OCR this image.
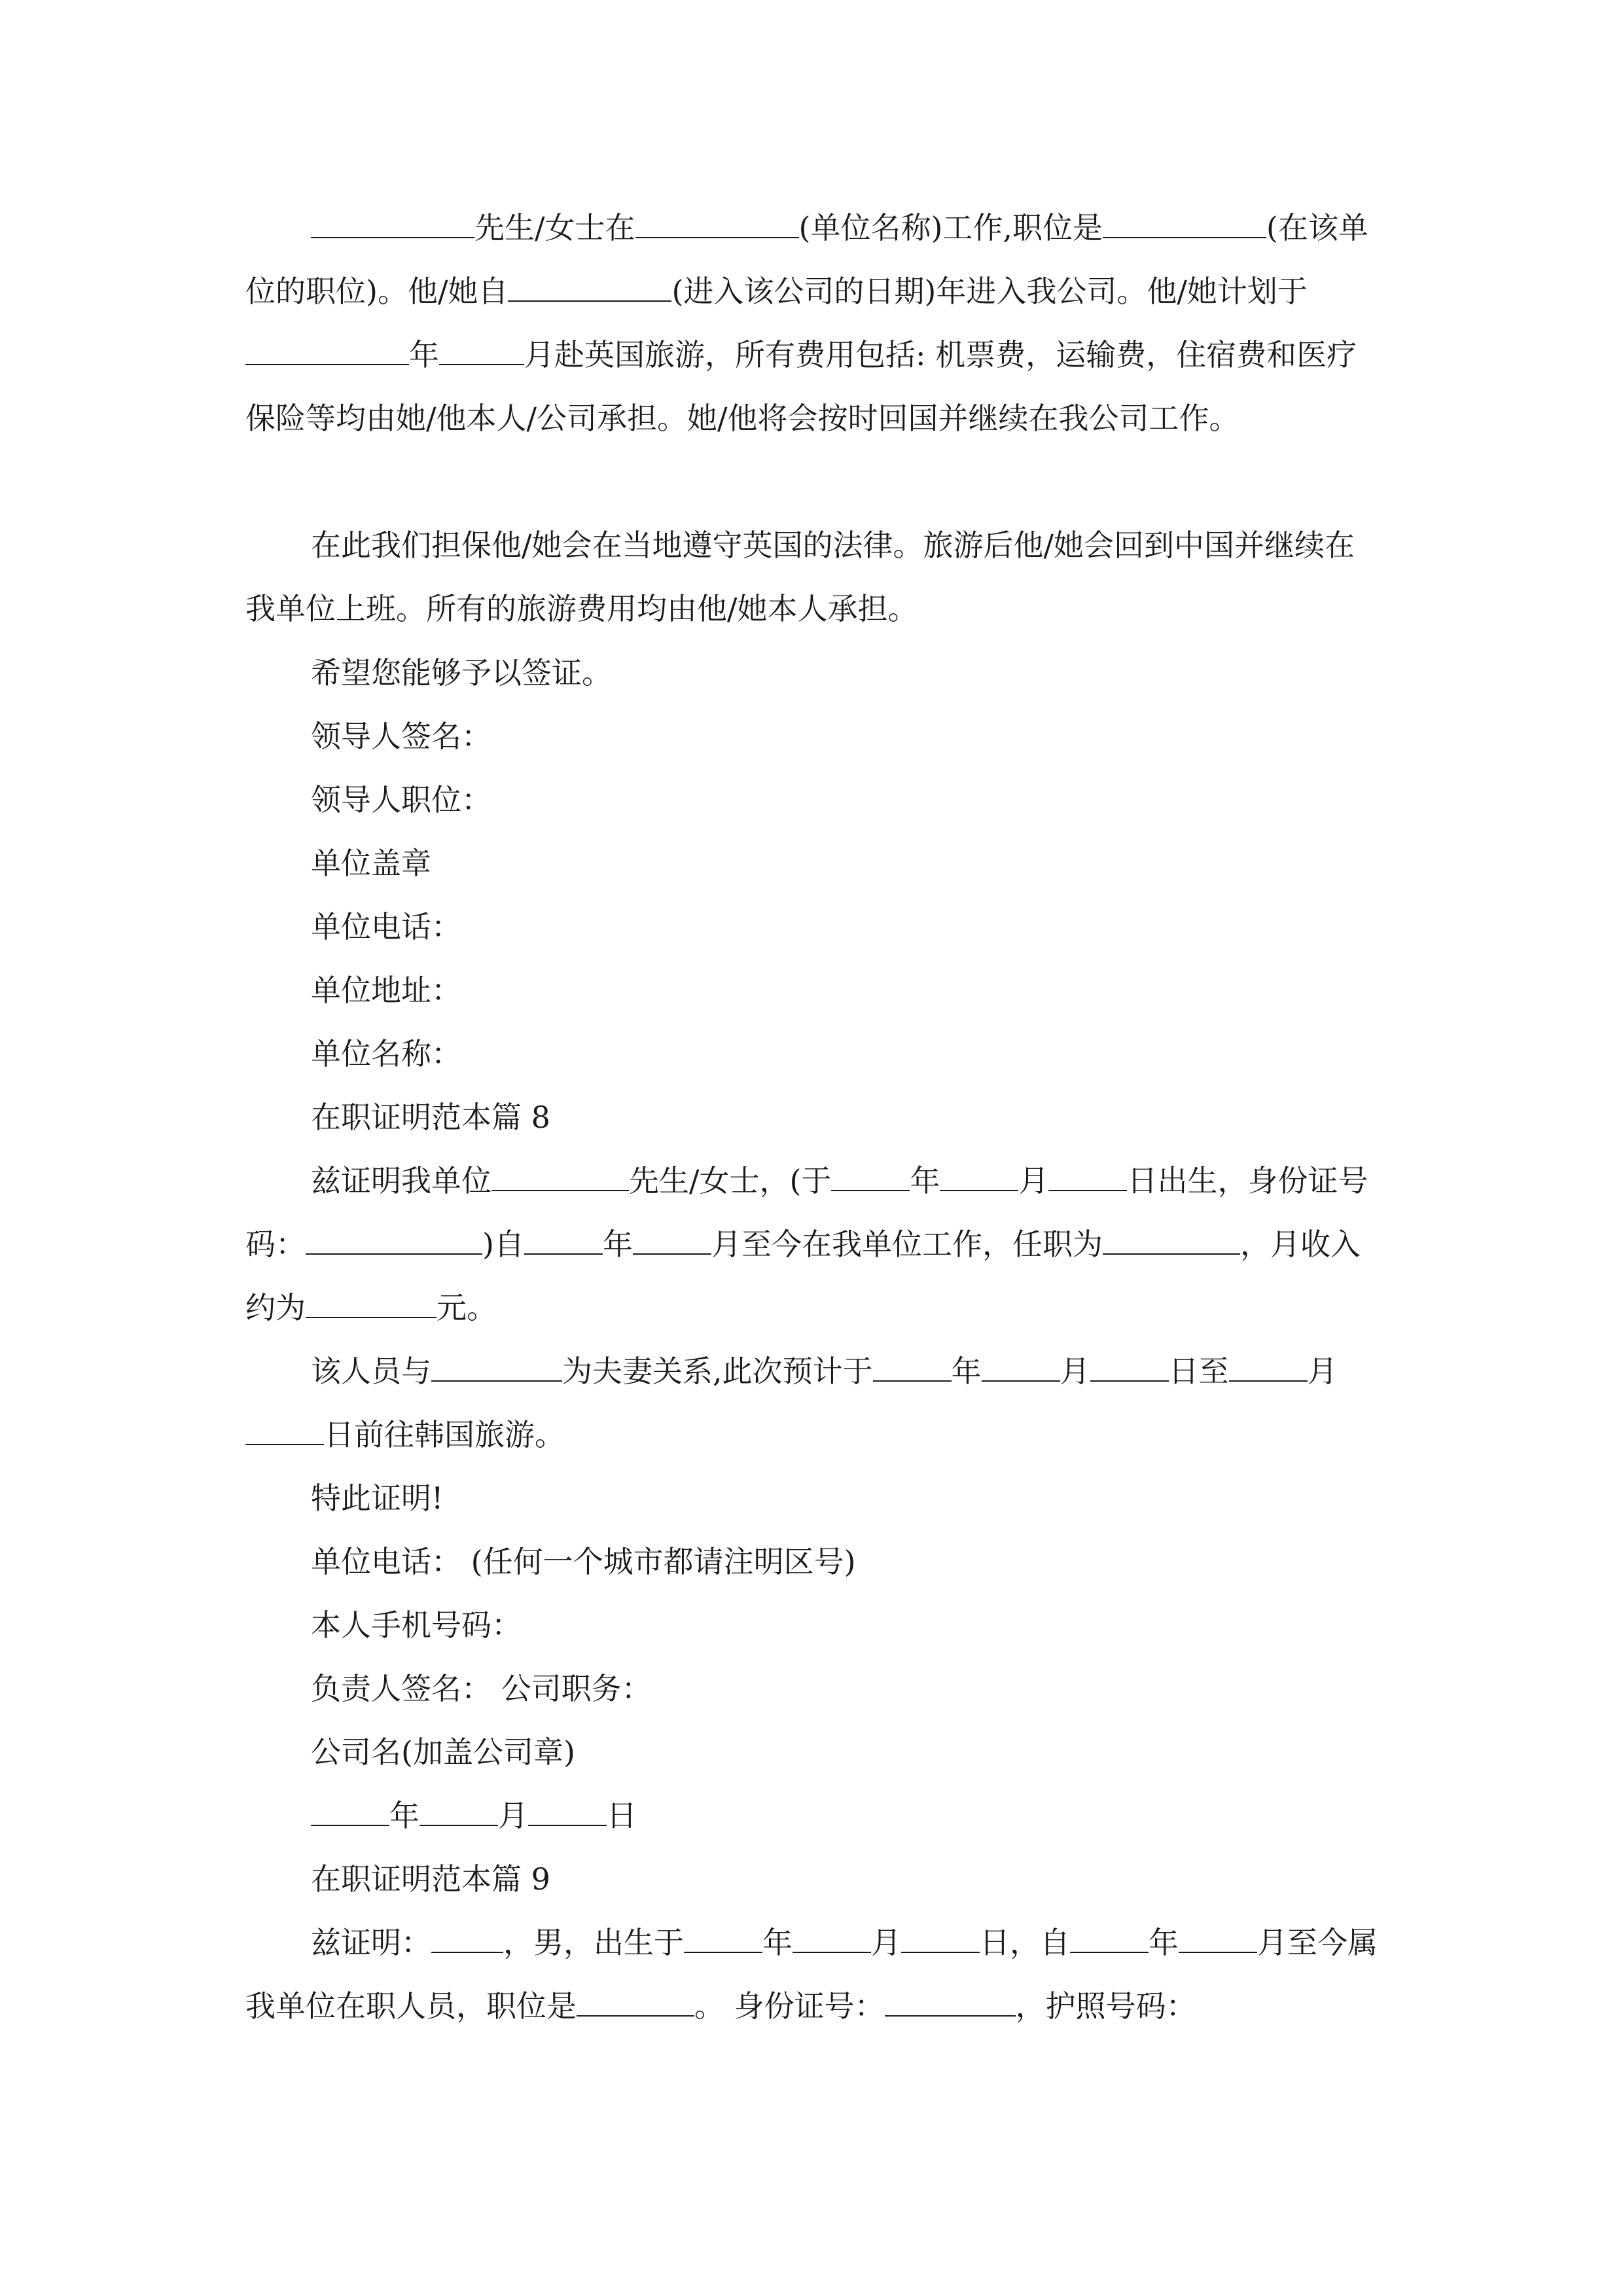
先生/女士在	(单位名称)工作,职位是	(在该单位的职位)。他/她自	(进入该公司的日期)年进入我公司。他/她计划于年	月赴英国旅游，所有费用包括: 机票费，运输费，住宿费和医疗保险等均由她/他本人/公司承担。她/他将会按时回国并继续在我公司工作。

在此我们担保他/她会在当地遵守英国的法律。旅游后他/她会回到中国并继续在我单位上班。所有的旅游费用均由他/她本人承担。

希望您能够予以签证。

领导人签名：

领导人职位：

单位盖章

单位电话：

单位地址：

单位名称：

在职证明范本篇 8

兹证明我单位	先生/女士，(于	年	月	日出生，身份证号码：	)自	年	月至今在我单位工作，任职为	，月收入约为	元。

该人员与	为夫妻关系,此次预计于	年	月	日至	月日前往韩国旅游。

特此证明!

单位电话： (任何一个城市都请注明区号)

本人手机号码：

负责人签名： 公司职务：

公司名(加盖公司章)

年	月	日

在职证明范本篇 9

兹证明： ，男，出生于	年	月	日，自	年	月至今属我单位在职人员，职位是	。 身份证号：	，护照号码：
